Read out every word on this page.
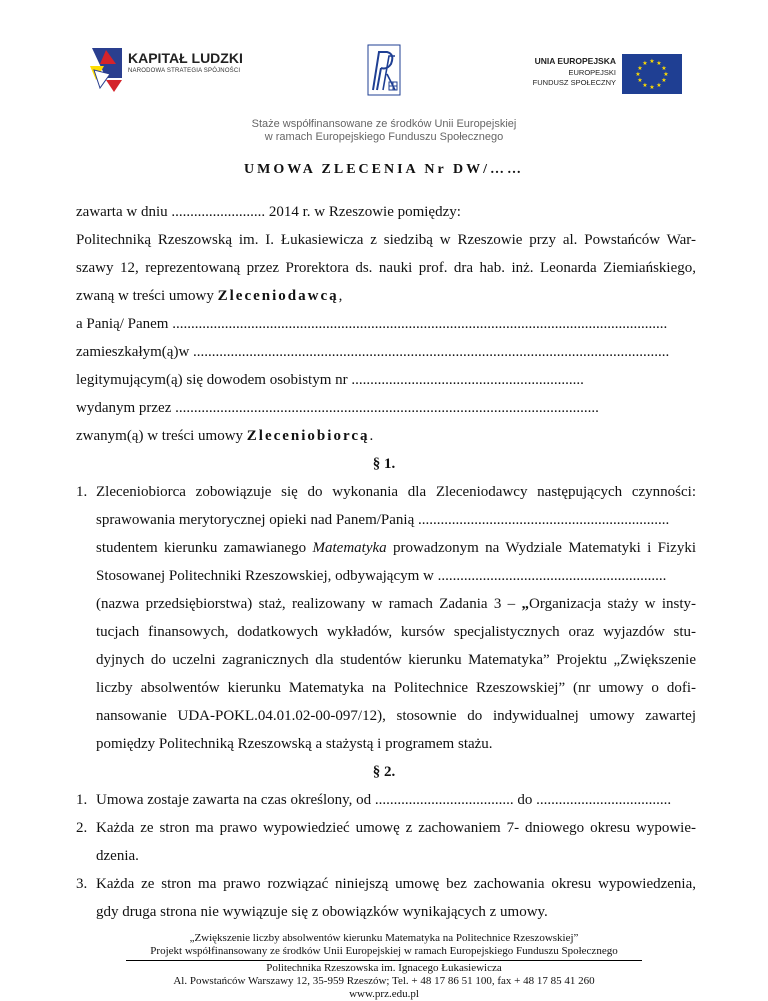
KAPITAŁ LUDZKI
NARODOWA STRATEGIA SPÓJNOŚCI
UNIA EUROPEJSKA
EUROPEJSKI
FUNDUSZ SPOŁECZNY
★ ★
★
★
★
★
★
★
★
★
★
★
Staże współfinansowane ze środków Unii Europejskiej
w ramach Europejskiego Funduszu Społecznego
UMOWA ZLECENIA Nr DW/……
zawarta w dniu ......................... 2014 r. w Rzeszowie pomiędzy:
Politechniką Rzeszowską im. I. Łukasiewicza z siedzibą w Rzeszowie przy al. Powstańców War-
szawy 12, reprezentowaną przez Prorektora ds. nauki prof. dra hab. inż. Leonarda Ziemiańskiego,
zwaną w treści umowy Zleceniodawcą,
a Panią/ Panem ....................................................................................................................................
zamieszkałym(ą)w ...............................................................................................................................
legitymującym(ą) się dowodem osobistym nr ..............................................................
wydanym przez .................................................................................................................
zwanym(ą) w treści umowy Zleceniobiorcą.
§ 1.
1. Zleceniobiorca zobowiązuje się do wykonania dla Zleceniodawcy następujących czynności:
sprawowania merytorycznej opieki nad Panem/Panią ...................................................................
studentem kierunku zamawianego Matematyka prowadzonym na Wydziale Matematyki i Fizyki
Stosowanej Politechniki Rzeszowskiej, odbywającym w .............................................................
(nazwa przedsiębiorstwa) staż, realizowany w ramach Zadania 3 – „Organizacja staży w insty-
tucjach finansowych, dodatkowych wykładów, kursów specjalistycznych oraz wyjazdów stu-
dyjnych do uczelni zagranicznych dla studentów kierunku Matematyka” Projektu „Zwiększenie
liczby absolwentów kierunku Matematyka na Politechnice Rzeszowskiej” (nr umowy o dofi-
nansowanie UDA-POKL.04.01.02-00-097/12), stosownie do indywidualnej umowy zawartej
pomiędzy Politechniką Rzeszowską a stażystą i programem stażu.
§ 2.
1. Umowa zostaje zawarta na czas określony, od ..................................... do ....................................
2. Każda ze stron ma prawo wypowiedzieć umowę z zachowaniem 7- dniowego okresu wypowie-
dzenia.
3. Każda ze stron ma prawo rozwiązać niniejszą umowę bez zachowania okresu wypowiedzenia,
gdy druga strona nie wywiązuje się z obowiązków wynikających z umowy.
„Zwiększenie liczby absolwentów kierunku Matematyka na Politechnice Rzeszowskiej”
Projekt współfinansowany ze środków Unii Europejskiej w ramach Europejskiego Funduszu Społecznego
Politechnika Rzeszowska im. Ignacego Łukasiewicza
Al. Powstańców Warszawy 12, 35-959 Rzeszów; Tel. + 48 17 86 51 100, fax + 48 17 85 41 260
www.prz.edu.pl
